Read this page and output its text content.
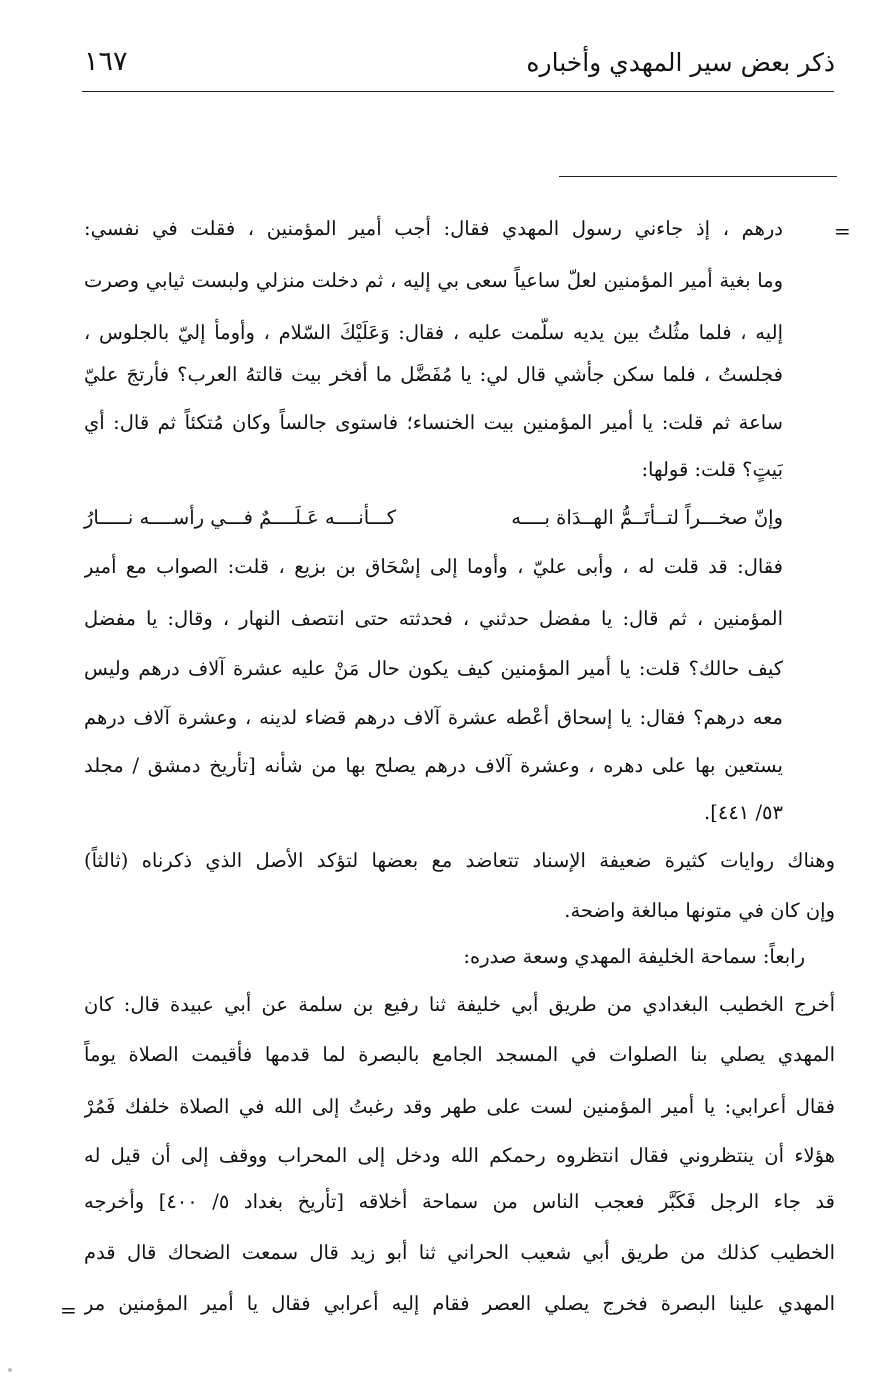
ذكر بعض سير المهدي وأخباره
١٦٧
=
درهم ، إذ جاءني رسول المهدي فقال: أجب أمير المؤمنين ، فقلت في نفسي:
وما بغية أمير المؤمنين لعلّ ساعياً سعى بي إليه ، ثم دخلت منزلي ولبست ثيابي وصرت
إليه ، فلما مثُلتُ بين يديه سلّمت عليه ، فقال: وَعَلَيْكَ السّلام ، وأومأ إليّ بالجلوس ،
فجلستُ ، فلما سكن جأشي قال لي: يا مُفَضَّل ما أفخر بيت قالتهُ العرب؟ فأرتجَ عليّ
ساعة ثم قلت: يا أمير المؤمنين بيت الخنساء؛ فاستوى جالساً وكان مُتكئاً ثم قال: أي
بَيتٍ؟ قلت: قولها:
وإنّ صخـــراً لتــأتَــمُّ الهــدَاة بــــه
كـــأنــــه عَـلَــــمٌ فـــي رأســــه نـــــارُ
فقال: قد قلت له ، وأبى عليّ ، وأوما إلى إسْحَاق بن بزيع ، قلت: الصواب مع أمير
المؤمنين ، ثم قال: يا مفضل حدثني ، فحدثته حتى انتصف النهار ، وقال: يا مفضل
كيف حالك؟ قلت: يا أمير المؤمنين كيف يكون حال مَنْ عليه عشرة آلاف درهم وليس
معه درهم؟ فقال: يا إسحاق أعْطه عشرة آلاف درهم قضاء لدينه ، وعشرة آلاف درهم
يستعين بها على دهره ، وعشرة آلاف درهم يصلح بها من شأنه [تأريخ دمشق / مجلد
٥٣/ ٤٤١].
وهناك روايات كثيرة ضعيفة الإسناد تتعاضد مع بعضها لتؤكد الأصل الذي ذكرناه (ثالثاً)
وإن كان في متونها مبالغة واضحة.
رابعاً: سماحة الخليفة المهدي وسعة صدره:
أخرج الخطيب البغدادي من طريق أبي خليفة ثنا رفيع بن سلمة عن أبي عبيدة قال: كان
المهدي يصلي بنا الصلوات في المسجد الجامع بالبصرة لما قدمها فأُقيمت الصلاة يوماً
فقال أعرابي: يا أمير المؤمنين لست على طهر وقد رغبتُ إلى الله في الصلاة خلفك فَمُرْ
هؤلاء أن ينتظروني فقال انتظروه رحمكم الله ودخل إلى المحراب ووقف إلى أن قيل له
قد جاء الرجل فَكَبَّر فعجب الناس من سماحة أخلاقه [تأريخ بغداد ٥/ ٤٠٠] وأخرجه
الخطيب كذلك من طريق أبي شعيب الحراني ثنا أبو زيد قال سمعت الضحاك قال قدم
المهدي علينا البصرة فخرج يصلي العصر فقام إليه أعرابي فقال يا أمير المؤمنين مر
=
